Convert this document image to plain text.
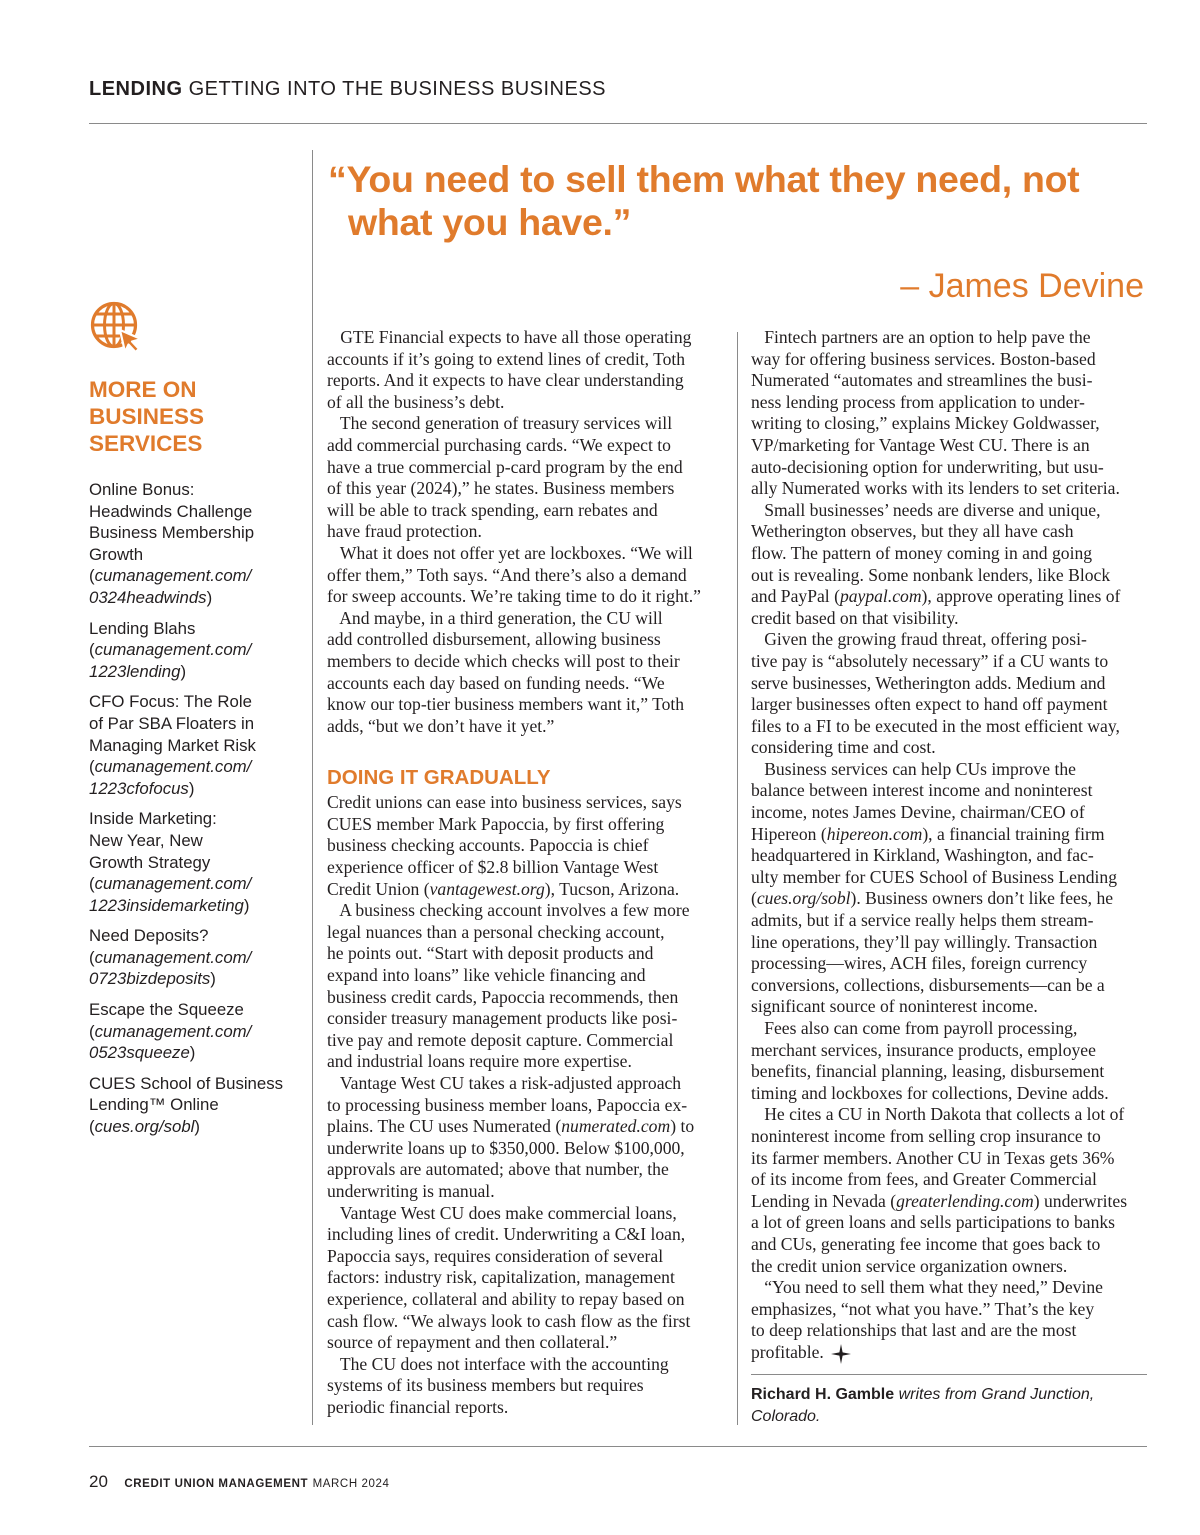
LENDING GETTING INTO THE BUSINESS BUSINESS
“You need to sell them what they need, not
what you have.”
– James Devine
MORE ON
BUSINESS
SERVICES
Online Bonus:
Headwinds Challenge
Business Membership
Growth
(cumanagement.com/
0324headwinds)
Lending Blahs
(cumanagement.com/
1223lending)
CFO Focus: The Role
of Par SBA Floaters in
Managing Market Risk
(cumanagement.com/
1223cfofocus)
Inside Marketing:
New Year, New
Growth Strategy
(cumanagement.com/
1223insidemarketing)
Need Deposits?
(cumanagement.com/
0723bizdeposits)
Escape the Squeeze
(cumanagement.com/
0523squeeze)
CUES School of Business
Lending™ Online
(cues.org/sobl)
GTE Financial expects to have all those operating
accounts if it’s going to extend lines of credit, Toth
reports. And it expects to have clear understanding
of all the business’s debt.
The second generation of treasury services will
add commercial purchasing cards. “We expect to
have a true commercial p-card program by the end
of this year (2024),” he states. Business members
will be able to track spending, earn rebates and
have fraud protection.
What it does not offer yet are lockboxes. “We will
offer them,” Toth says. “And there’s also a demand
for sweep accounts. We’re taking time to do it right.”
And maybe, in a third generation, the CU will
add controlled disbursement, allowing business
members to decide which checks will post to their
accounts each day based on funding needs. “We
know our top-tier business members want it,” Toth
adds, “but we don’t have it yet.”
DOING IT GRADUALLY
Credit unions can ease into business services, says
CUES member Mark Papoccia, by first offering
business checking accounts. Papoccia is chief
experience officer of $2.8 billion Vantage West
Credit Union (vantagewest.org), Tucson, Arizona.
A business checking account involves a few more
legal nuances than a personal checking account,
he points out. “Start with deposit products and
expand into loans” like vehicle financing and
business credit cards, Papoccia recommends, then
consider treasury management products like posi-
tive pay and remote deposit capture. Commercial
and industrial loans require more expertise.
Vantage West CU takes a risk-adjusted approach
to processing business member loans, Papoccia ex-
plains. The CU uses Numerated (numerated.com) to
underwrite loans up to $350,000. Below $100,000,
approvals are automated; above that number, the
underwriting is manual.
Vantage West CU does make commercial loans,
including lines of credit. Underwriting a C&I loan,
Papoccia says, requires consideration of several
factors: industry risk, capitalization, management
experience, collateral and ability to repay based on
cash flow. “We always look to cash flow as the first
source of repayment and then collateral.”
The CU does not interface with the accounting
systems of its business members but requires
periodic financial reports.
Fintech partners are an option to help pave the
way for offering business services. Boston-based
Numerated “automates and streamlines the busi-
ness lending process from application to under-
writing to closing,” explains Mickey Goldwasser,
VP/marketing for Vantage West CU. There is an
auto-decisioning option for underwriting, but usu-
ally Numerated works with its lenders to set criteria.
Small businesses’ needs are diverse and unique,
Wetherington observes, but they all have cash
flow. The pattern of money coming in and going
out is revealing. Some nonbank lenders, like Block
and PayPal (paypal.com), approve operating lines of
credit based on that visibility.
Given the growing fraud threat, offering posi-
tive pay is “absolutely necessary” if a CU wants to
serve businesses, Wetherington adds. Medium and
larger businesses often expect to hand off payment
files to a FI to be executed in the most efficient way,
considering time and cost.
Business services can help CUs improve the
balance between interest income and noninterest
income, notes James Devine, chairman/CEO of
Hipereon (hipereon.com), a financial training firm
headquartered in Kirkland, Washington, and fac-
ulty member for CUES School of Business Lending
(cues.org/sobl). Business owners don’t like fees, he
admits, but if a service really helps them stream-
line operations, they’ll pay willingly. Transaction
processing—wires, ACH files, foreign currency
conversions, collections, disbursements—can be a
significant source of noninterest income.
Fees also can come from payroll processing,
merchant services, insurance products, employee
benefits, financial planning, leasing, disbursement
timing and lockboxes for collections, Devine adds.
He cites a CU in North Dakota that collects a lot of
noninterest income from selling crop insurance to
its farmer members. Another CU in Texas gets 36%
of its income from fees, and Greater Commercial
Lending in Nevada (greaterlending.com) underwrites
a lot of green loans and sells participations to banks
and CUs, generating fee income that goes back to
the credit union service organization owners.
“You need to sell them what they need,” Devine
emphasizes, “not what you have.” That’s the key
to deep relationships that last and are the most
profitable.
Richard H. Gamble writes from Grand Junction,
Colorado.
20 CREDIT UNION MANAGEMENT MARCH 2024
